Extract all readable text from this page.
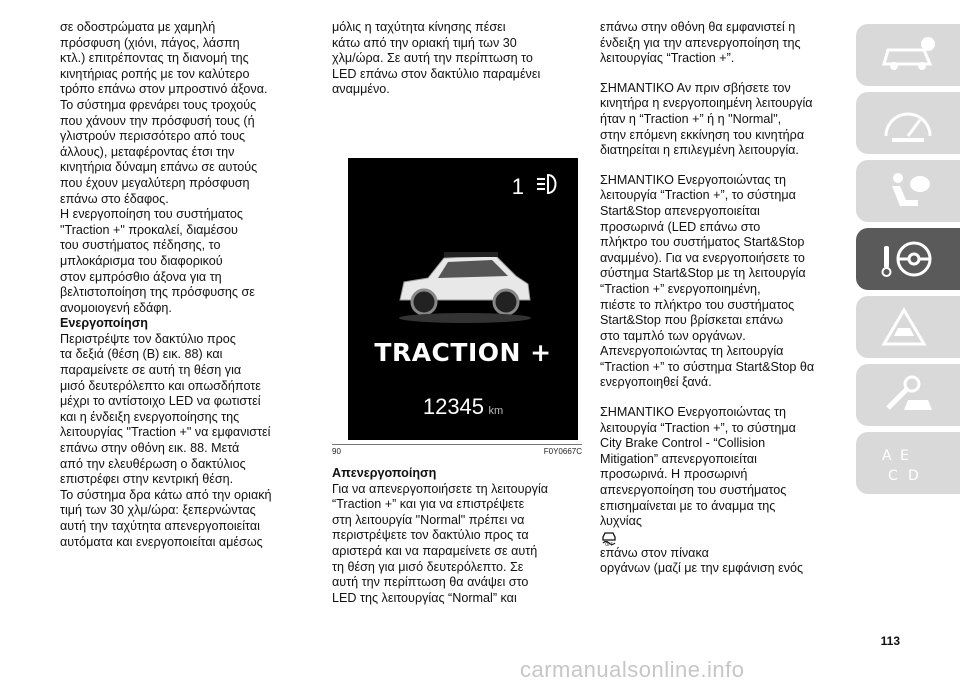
σε οδοστρώματα με χαμηλή
πρόσφυση (χιόνι, πάγος, λάσπη
κτλ.) επιτρέποντας τη διανομή της
κινητήριας ροπής με τον καλύτερο
τρόπο επάνω στον μπροστινό άξονα.
Το σύστημα φρενάρει τους τροχούς
που χάνουν την πρόσφυσή τους (ή
γλιστρούν περισσότερο από τους
άλλους), μεταφέροντας έτσι την
κινητήρια δύναμη επάνω σε αυτούς
που έχουν μεγαλύτερη πρόσφυση
επάνω στο έδαφος.
Η ενεργοποίηση του συστήματος
"Traction +" προκαλεί, διαμέσου
του συστήματος πέδησης, το
μπλοκάρισμα του διαφορικού
στον εμπρόσθιο άξονα για τη
βελτιστοποίηση της πρόσφυσης σε
ανομοιογενή εδάφη.

Ενεργοποίηση

Περιστρέψτε τον δακτύλιο προς
τα δεξιά (θέση (B) εικ. 88) και
παραμείνετε σε αυτή τη θέση για
μισό δευτερόλεπτο και οπωσδήποτε
μέχρι το αντίστοιχο LED να φωτιστεί
και η ένδειξη ενεργοποίησης της
λειτουργίας "Traction +" να εμφανιστεί
επάνω στην οθόνη εικ. 88. Μετά
από την ελευθέρωση ο δακτύλιος
επιστρέφει στην κεντρική θέση.
Το σύστημα δρα κάτω από την οριακή
τιμή των 30 χλμ/ώρα: ξεπερνώντας
αυτή την ταχύτητα απενεργοποιείται
αυτόματα και ενεργοποιείται αμέσως

μόλις η ταχύτητα κίνησης πέσει
κάτω από την οριακή τιμή των 30
χλμ/ώρα. Σε αυτή την περίπτωση το
LED επάνω στον δακτύλιο παραμένει
αναμμένο.

1
TRACTION +
12345 km
90	F0Y0667C

Απενεργοποίηση

Για να απενεργοποιήσετε τη λειτουργία
“Traction +” και για να επιστρέψετε
στη λειτουργία "Normal" πρέπει να
περιστρέψετε τον δακτύλιο προς τα
αριστερά και να παραμείνετε σε αυτή
τη θέση για μισό δευτερόλεπτο. Σε
αυτή την περίπτωση θα ανάψει στο
LED της λειτουργίας “Normal” και

επάνω στην οθόνη θα εμφανιστεί η
ένδειξη για την απενεργοποίηση της
λειτουργίας “Traction +”.

ΣΗΜΑΝΤΙΚΟ Αν πριν σβήσετε τον
κινητήρα η ενεργοποιημένη λειτουργία
ήταν η “Traction +” ή η "Normal",
στην επόμενη εκκίνηση του κινητήρα
διατηρείται η επιλεγμένη λειτουργία.

ΣΗΜΑΝΤΙΚΟ Ενεργοποιώντας τη
λειτουργία “Traction +”, το σύστημα
Start&Stop απενεργοποιείται
προσωρινά (LED επάνω στο
πλήκτρο του συστήματος Start&Stop
αναμμένο). Για να ενεργοποιήσετε το
σύστημα Start&Stop με τη λειτουργία
“Traction +” ενεργοποιημένη,
πιέστε το πλήκτρο του συστήματος
Start&Stop που βρίσκεται επάνω
στο ταμπλό των οργάνων.
Απενεργοποιώντας τη λειτουργία
“Traction +” το σύστημα Start&Stop θα
ενεργοποιηθεί ξανά.

ΣΗΜΑΝΤΙΚΟ Ενεργοποιώντας τη
λειτουργία “Traction +”, το σύστημα
City Brake Control - “Collision
Mitigation” απενεργοποιείται
προσωρινά. Η προσωρινή
απενεργοποίηση του συστήματος
επισημαίνεται με το άναμμα της

λυχνίας

OFF

επάνω στον πίνακα
οργάνων (μαζί με την εμφάνιση ενός

A E
C D
113
carmanualsonline.info
